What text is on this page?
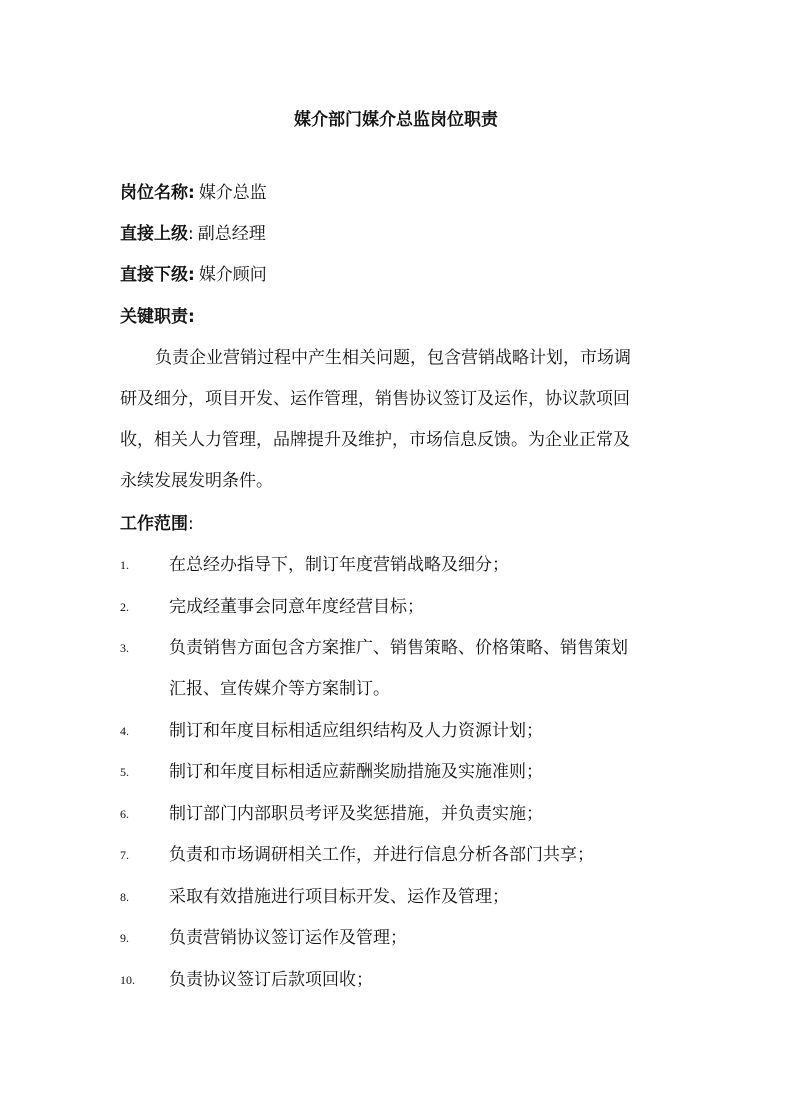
媒介部门媒介总监岗位职责
岗位名称: 媒介总监
直接上级: 副总经理
直接下级: 媒介顾问
关键职责:
负责企业营销过程中产生相关问题，包含营销战略计划，市场调
研及细分，项目开发、运作管理，销售协议签订及运作，协议款项回
收，相关人力管理，品牌提升及维护，市场信息反馈。为企业正常及
永续发展发明条件。
工作范围:
1. 在总经办指导下，制订年度营销战略及细分；
2. 完成经董事会同意年度经营目标；
3. 负责销售方面包含方案推广、销售策略、价格策略、销售策划
汇报、宣传媒介等方案制订。
4. 制订和年度目标相适应组织结构及人力资源计划；
5. 制订和年度目标相适应薪酬奖励措施及实施准则；
6. 制订部门内部职员考评及奖惩措施，并负责实施；
7. 负责和市场调研相关工作，并进行信息分析各部门共享；
8. 采取有效措施进行项目标开发、运作及管理；
9. 负责营销协议签订运作及管理；
10. 负责协议签订后款项回收；
